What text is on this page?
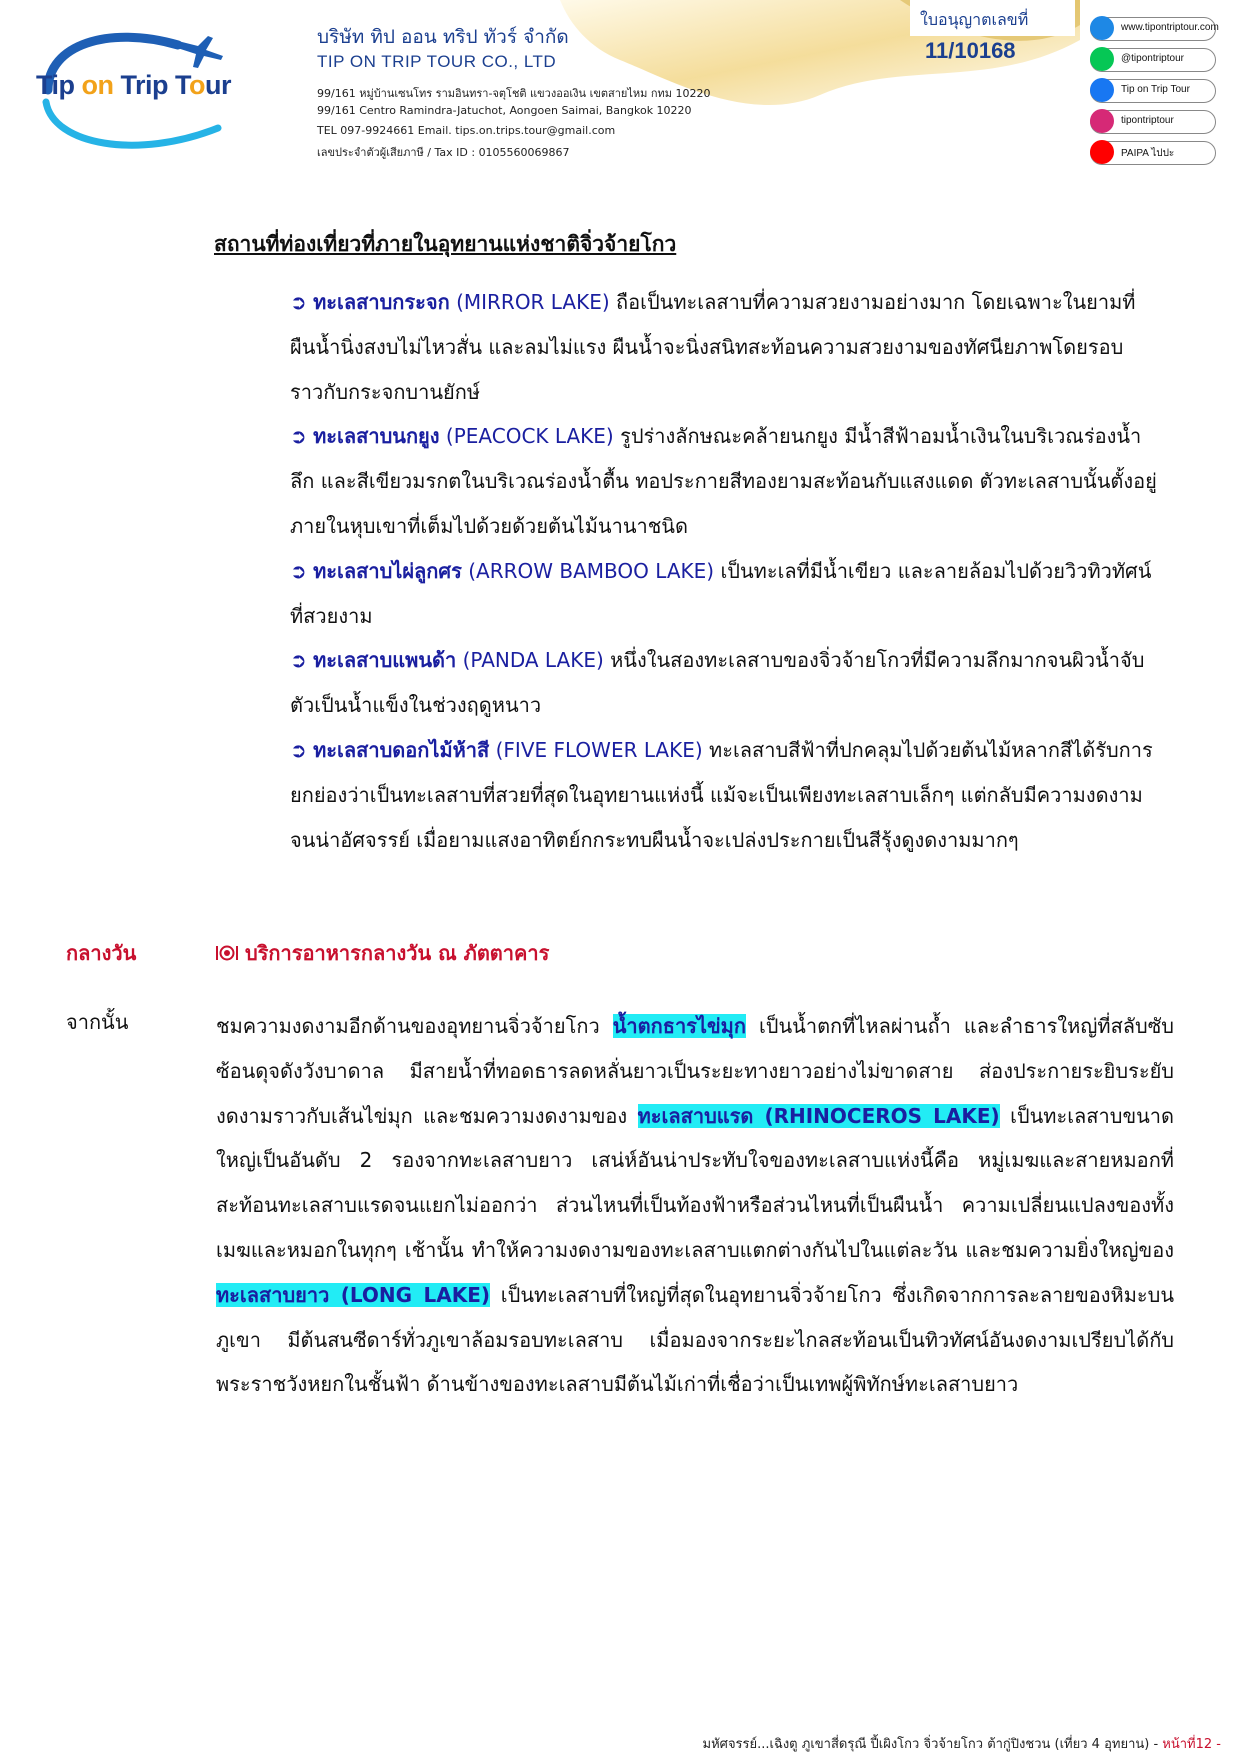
Tip on Trip Tour
บริษัท ทิป ออน ทริป ทัวร์ จำกัด
TIP ON TRIP TOUR CO., LTD
99/161 หมู่บ้านเซนโทร รามอินทรา-จตุโชติ แขวงออเงิน เขตสายไหม กทม 10220
99/161 Centro Ramindra-Jatuchot, Aongoen Saimai, Bangkok 10220
TEL 097-9924661 Email. tips.on.trips.tour@gmail.com
เลขประจำตัวผู้เสียภาษี / Tax ID : 0105560069867
ใบอนุญาตเลขที่
11/10168
www.tipontriptour.com
@tipontriptour
Tip on Trip Tour
tipontriptour
PAIPA ไปปะ
สถานที่ท่องเที่ยวที่ภายในอุทยานแห่งชาติจิ่วจ้ายโกว

➲ ทะเลสาบกระจก (MIRROR LAKE) ถือเป็นทะเลสาบที่ความสวยงามอย่างมาก โดยเฉพาะในยามที่ผืนน้ำนิ่งสงบไม่ไหวสั่น และลมไม่แรง ผืนน้ำจะนิ่งสนิทสะท้อนความสวยงามของทัศนียภาพโดยรอบราวกับกระจกบานยักษ์

➲ ทะเลสาบนกยูง (PEACOCK LAKE) รูปร่างลักษณะคล้ายนกยูง มีน้ำสีฟ้าอมน้ำเงินในบริเวณร่องน้ำลึก และสีเขียวมรกตในบริเวณร่องน้ำตื้น ทอประกายสีทองยามสะท้อนกับแสงแดด ตัวทะเลสาบนั้นตั้งอยู่ภายในหุบเขาที่เต็มไปด้วยด้วยต้นไม้นานาชนิด

➲ ทะเลสาบไผ่ลูกศร (ARROW BAMBOO LAKE) เป็นทะเลที่มีน้ำเขียว และลายล้อมไปด้วยวิวทิวทัศน์ที่สวยงาม

➲ ทะเลสาบแพนด้า (PANDA LAKE) หนึ่งในสองทะเลสาบของจิ่วจ้ายโกวที่มีความลึกมากจนผิวน้ำจับตัวเป็นน้ำแข็งในช่วงฤดูหนาว

➲ ทะเลสาบดอกไม้ห้าสี (FIVE FLOWER LAKE) ทะเลสาบสีฟ้าที่ปกคลุมไปด้วยต้นไม้หลากสีได้รับการยกย่องว่าเป็นทะเลสาบที่สวยที่สุดในอุทยานแห่งนี้ แม้จะเป็นเพียงทะเลสาบเล็กๆ แต่กลับมีความงดงามจนน่าอัศจรรย์ เมื่อยามแสงอาทิตย์กกระทบผืนน้ำจะเปล่งประกายเป็นสีรุ้งดูงดงามมากๆ

กลางวัน	บริการอาหารกลางวัน ณ ภัตตาคาร
จากนั้น	ชมความงดงามอีกด้านของอุทยานจิ่วจ้ายโกว น้ำตกธารไข่มุก เป็นน้ำตกที่ไหลผ่านถ้ำ และลำธารใหญ่ที่สลับซับซ้อนดุจดังวังบาดาล มีสายน้ำที่ทอดธารลดหลั่นยาวเป็นระยะทางยาวอย่างไม่ขาดสาย ส่องประกายระยิบระยับงดงามราวกับเส้นไข่มุก และชมความงดงามของ ทะเลสาบแรด (RHINOCEROS LAKE) เป็นทะเลสาบขนาดใหญ่เป็นอันดับ 2 รองจากทะเลสาบยาว เสน่ห์อันน่าประทับใจของทะเลสาบแห่งนี้คือ หมู่เมฆและสายหมอกที่สะท้อนทะเลสาบแรดจนแยกไม่ออกว่า ส่วนไหนที่เป็นท้องฟ้าหรือส่วนไหนที่เป็นผืนน้ำ ความเปลี่ยนแปลงของทั้งเมฆและหมอกในทุกๆ เช้านั้น ทำให้ความงดงามของทะเลสาบแตกต่างกันไปในแต่ละวัน และชมความยิ่งใหญ่ของ ทะเลสาบยาว (LONG LAKE) เป็นทะเลสาบที่ใหญ่ที่สุดในอุทยานจิ่วจ้ายโกว ซึ่งเกิดจากการละลายของหิมะบนภูเขา มีต้นสนซีดาร์ทั่วภูเขาล้อมรอบทะเลสาบ เมื่อมองจากระยะไกลสะท้อนเป็นทิวทัศน์อันงดงามเปรียบได้กับพระราชวังหยกในชั้นฟ้า ด้านข้างของทะเลสาบมีต้นไม้เก่าที่เชื่อว่าเป็นเทพผู้พิทักษ์ทะเลสาบยาว
มหัศจรรย์...เฉิงตู ภูเขาสี่ดรุณี ปี้เผิงโกว จิ่วจ้ายโกว ต้ากู่ปิงชวน (เที่ยว 4 อุทยาน) - หน้าที่12 -
